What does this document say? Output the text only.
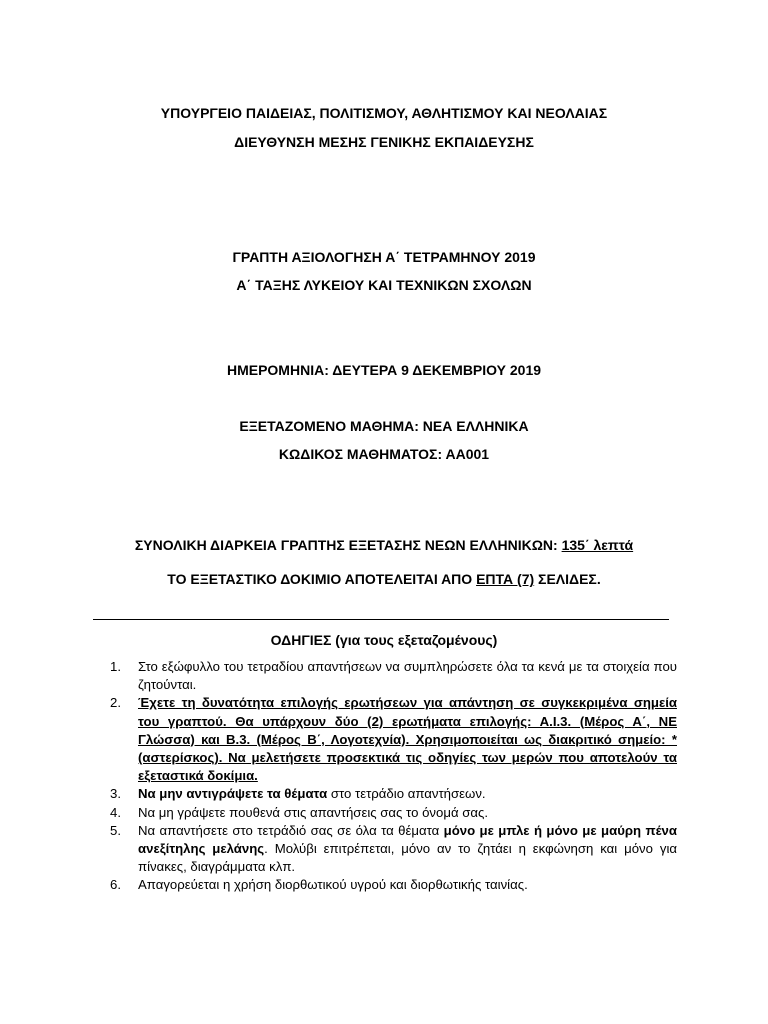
ΥΠΟΥΡΓΕΙΟ ΠΑΙΔΕΙΑΣ, ΠΟΛΙΤΙΣΜΟΥ, ΑΘΛΗΤΙΣΜΟΥ ΚΑΙ ΝΕΟΛΑΙΑΣ
ΔΙΕΥΘΥΝΣΗ ΜΕΣΗΣ ΓΕΝΙΚΗΣ ΕΚΠΑΙΔΕΥΣΗΣ
ΓΡΑΠΤΗ ΑΞΙΟΛΟΓΗΣΗ Α΄ ΤΕΤΡΑΜΗΝΟΥ 2019
Α΄ ΤΑΞΗΣ ΛΥΚΕΙΟΥ ΚΑΙ ΤΕΧΝΙΚΩΝ ΣΧΟΛΩΝ
ΗΜΕΡΟΜΗΝΙΑ: ΔΕΥΤΕΡΑ 9 ΔΕΚΕΜΒΡΙΟΥ 2019
ΕΞΕΤΑΖΟΜΕΝΟ ΜΑΘΗΜΑ: ΝΕΑ ΕΛΛΗΝΙΚΑ
ΚΩΔΙΚΟΣ ΜΑΘΗΜΑΤΟΣ: ΑΑ001
ΣΥΝΟΛΙΚΗ ΔΙΑΡΚΕΙΑ ΓΡΑΠΤΗΣ ΕΞΕΤΑΣΗΣ ΝΕΩΝ ΕΛΛΗΝΙΚΩΝ: 135΄ λεπτά
ΤΟ ΕΞΕΤΑΣΤΙΚΟ ΔΟΚΙΜΙΟ ΑΠΟΤΕΛΕΙΤΑΙ ΑΠΟ ΕΠΤΑ (7) ΣΕΛΙΔΕΣ.
ΟΔΗΓΙΕΣ (για τους εξεταζομένους)
1. Στο εξώφυλλο του τετραδίου απαντήσεων να συμπληρώσετε όλα τα κενά με τα στοιχεία που ζητούνται.
2. Έχετε τη δυνατότητα επιλογής ερωτήσεων για απάντηση σε συγκεκριμένα σημεία του γραπτού. Θα υπάρχουν δύο (2) ερωτήματα επιλογής: Α.Ι.3. (Μέρος Α΄, ΝΕ Γλώσσα) και Β.3. (Μέρος Β΄, Λογοτεχνία). Χρησιμοποιείται ως διακριτικό σημείο: * (αστερίσκος). Να μελετήσετε προσεκτικά τις οδηγίες των μερών που αποτελούν τα εξεταστικά δοκίμια.
3. Να μην αντιγράψετε τα θέματα στο τετράδιο απαντήσεων.
4. Να μη γράψετε πουθενά στις απαντήσεις σας το όνομά σας.
5. Να απαντήσετε στο τετράδιό σας σε όλα τα θέματα μόνο με μπλε ή μόνο με μαύρη πένα ανεξίτηλης μελάνης. Μολύβι επιτρέπεται, μόνο αν το ζητάει η εκφώνηση και μόνο για πίνακες, διαγράμματα κλπ.
6. Απαγορεύεται η χρήση διορθωτικού υγρού και διορθωτικής ταινίας.
